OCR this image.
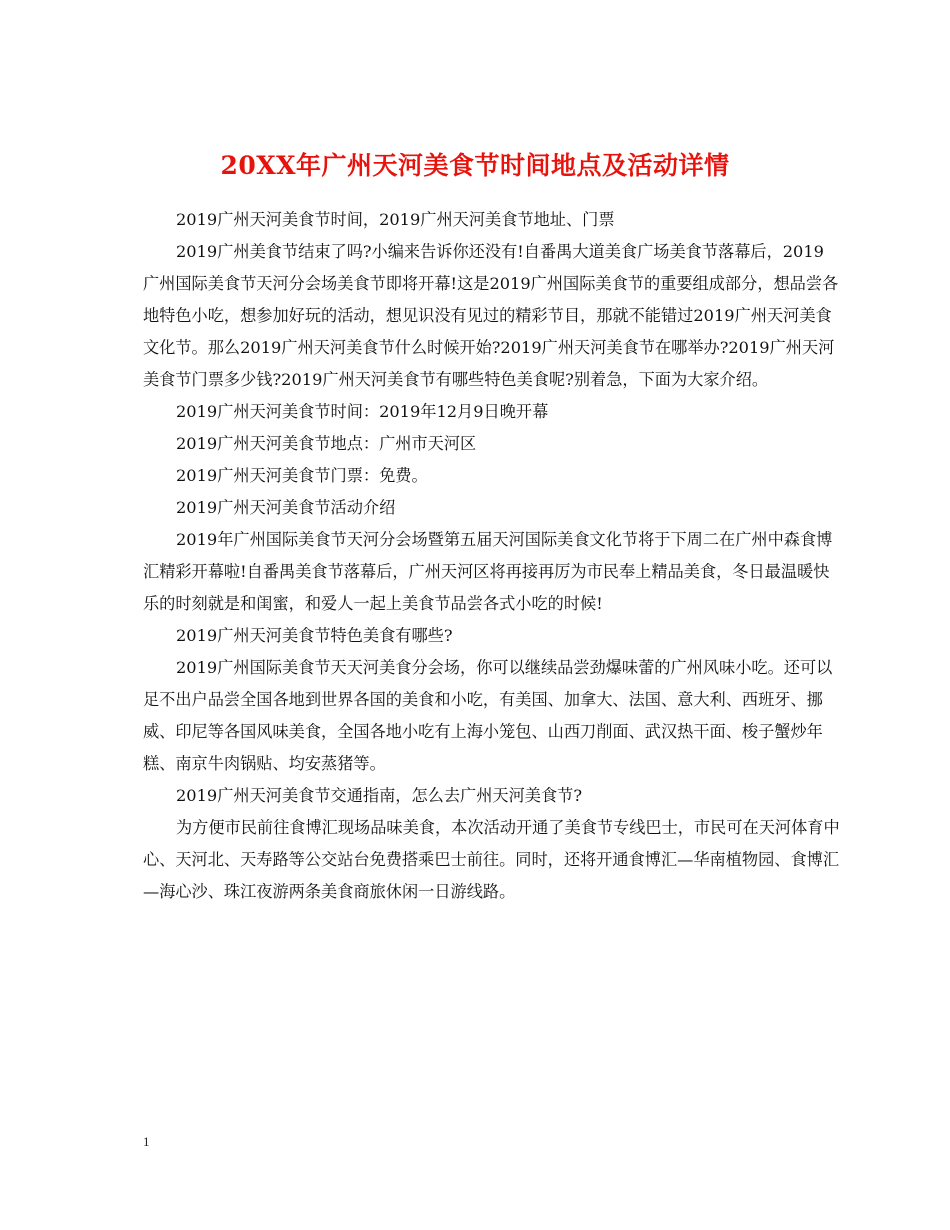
20XX年广州天河美食节时间地点及活动详情

2019广州天河美食节时间，2019广州天河美食节地址、门票

2019广州美食节结束了吗?小编来告诉你还没有!自番禺大道美食广场美食节落幕后，2019广州国际美食节天河分会场美食节即将开幕!这是2019广州国际美食节的重要组成部分，想品尝各地特色小吃，想参加好玩的活动，想见识没有见过的精彩节目，那就不能错过2019广州天河美食文化节。那么2019广州天河美食节什么时候开始?2019广州天河美食节在哪举办?2019广州天河美食节门票多少钱?2019广州天河美食节有哪些特色美食呢?别着急，下面为大家介绍。

2019广州天河美食节时间：2019年12月9日晚开幕

2019广州天河美食节地点：广州市天河区

2019广州天河美食节门票：免费。

2019广州天河美食节活动介绍

2019年广州国际美食节天河分会场暨第五届天河国际美食文化节将于下周二在广州中森食博汇精彩开幕啦!自番禺美食节落幕后，广州天河区将再接再厉为市民奉上精品美食，冬日最温暖快乐的时刻就是和闺蜜，和爱人一起上美食节品尝各式小吃的时候!

2019广州天河美食节特色美食有哪些?

2019广州国际美食节天天河美食分会场，你可以继续品尝劲爆味蕾的广州风味小吃。还可以足不出户品尝全国各地到世界各国的美食和小吃，有美国、加拿大、法国、意大利、西班牙、挪威、印尼等各国风味美食，全国各地小吃有上海小笼包、山西刀削面、武汉热干面、梭子蟹炒年糕、南京牛肉锅贴、均安蒸猪等。

2019广州天河美食节交通指南，怎么去广州天河美食节?

为方便市民前往食博汇现场品味美食，本次活动开通了美食节专线巴士，市民可在天河体育中心、天河北、天寿路等公交站台免费搭乘巴士前往。同时，还将开通食博汇—华南植物园、食博汇—海心沙、珠江夜游两条美食商旅休闲一日游线路。

1
